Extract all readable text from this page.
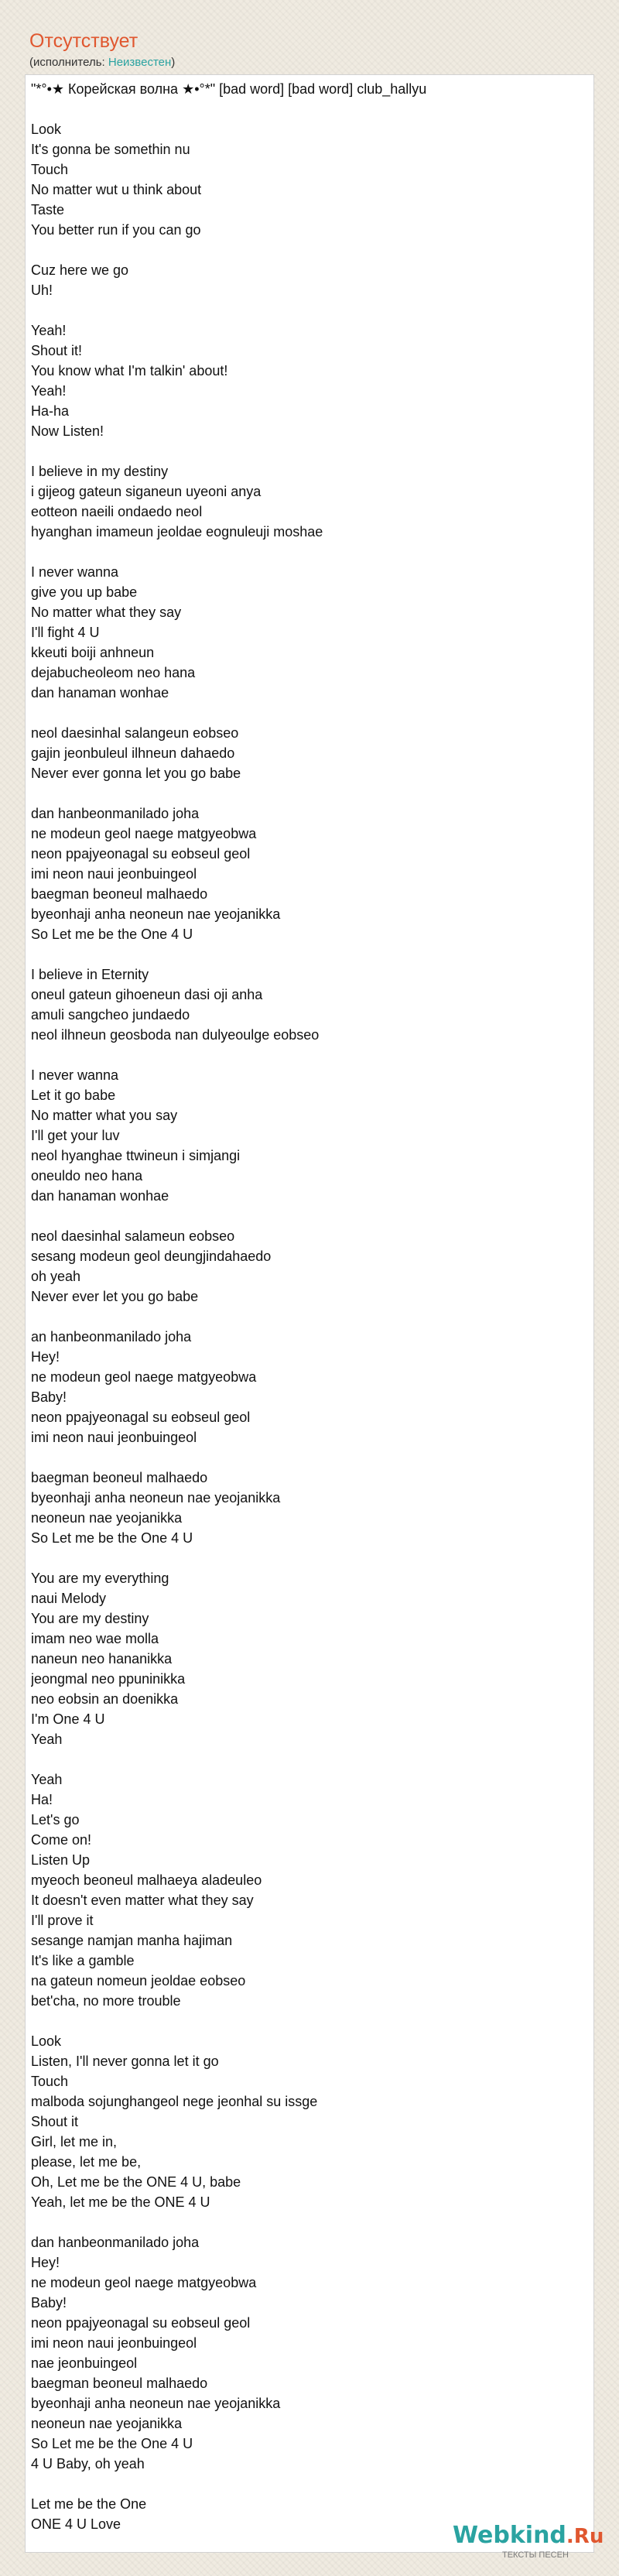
Отсутствует
(исполнитель: Неизвестен)
"*°•★ Корейская волна ★•°*" [bad word] [bad word] club_hallyu
Look
It's gonna be somethin nu
Touch
No matter wut u think about
Taste
You better run if you can go
Cuz here we go
Uh!
Yeah!
Shout it!
You know what I'm talkin' about!
Yeah!
Ha-ha
Now Listen!
I believe in my destiny
i gijeog gateun siganeun uyeoni anya
eotteon naeili ondaedo neol
hyanghan imameun jeoldae eognuleuji moshae
I never wanna
give you up babe
No matter what they say
I'll fight 4 U
kkeuti boiji anhneun
dejabucheoleom neo hana
dan hanaman wonhae
neol daesinhal salangeun eobseo
gajin jeonbuleul ilhneun dahaedo
Never ever gonna let you go babe
dan hanbeonmanilado joha
ne modeun geol naege matgyeobwa
neon ppajyeonagal su eobseul geol
imi neon naui jeonbuingeol
baegman beoneul malhaedo
byeonhaji anha neoneun nae yeojanikka
So Let me be the One 4 U
I believe in Eternity
oneul gateun gihoeneun dasi oji anha
amuli sangcheo jundaedo
neol ilhneun geosboda nan dulyeoulge eobseo
I never wanna
Let it go babe
No matter what you say
I'll get your luv
neol hyanghae ttwineun i simjangi
oneuldo neo hana
dan hanaman wonhae
neol daesinhal salameun eobseo
sesang modeun geol deungjindahaedo
oh yeah
Never ever let you go babe
an hanbeonmanilado joha
Hey!
ne modeun geol naege matgyeobwa
Baby!
neon ppajyeonagal su eobseul geol
imi neon naui jeonbuingeol
baegman beoneul malhaedo
byeonhaji anha neoneun nae yeojanikka
neoneun nae yeojanikka
So Let me be the One 4 U
You are my everything
naui Melody
You are my destiny
imam neo wae molla
naneun neo hananikka
jeongmal neo ppuninikka
neo eobsin an doenikka
I'm One 4 U
Yeah
Yeah
Ha!
Let's go
Come on!
Listen Up
myeoch beoneul malhaeya aladeuleo
It doesn't even matter what they say
I'll prove it
sesange namjan manha hajiman
It's like a gamble
na gateun nomeun jeoldae eobseo
bet'cha, no more trouble
Look
Listen, I'll never gonna let it go
Touch
malboda sojunghangeol nege jeonhal su issge
Shout it
Girl, let me in,
please, let me be,
Oh, Let me be the ONE 4 U, babe
Yeah, let me be the ONE 4 U
dan hanbeonmanilado joha
Hey!
ne modeun geol naege matgyeobwa
Baby!
neon ppajyeonagal su eobseul geol
imi neon naui jeonbuingeol
nae jeonbuingeol
baegman beoneul malhaedo
byeonhaji anha neoneun nae yeojanikka
neoneun nae yeojanikka
So Let me be the One 4 U
4 U Baby, oh yeah
Let me be the One
ONE 4 U Love	Webkind.Ru
ТЕКСТЫ ПЕСЕН
